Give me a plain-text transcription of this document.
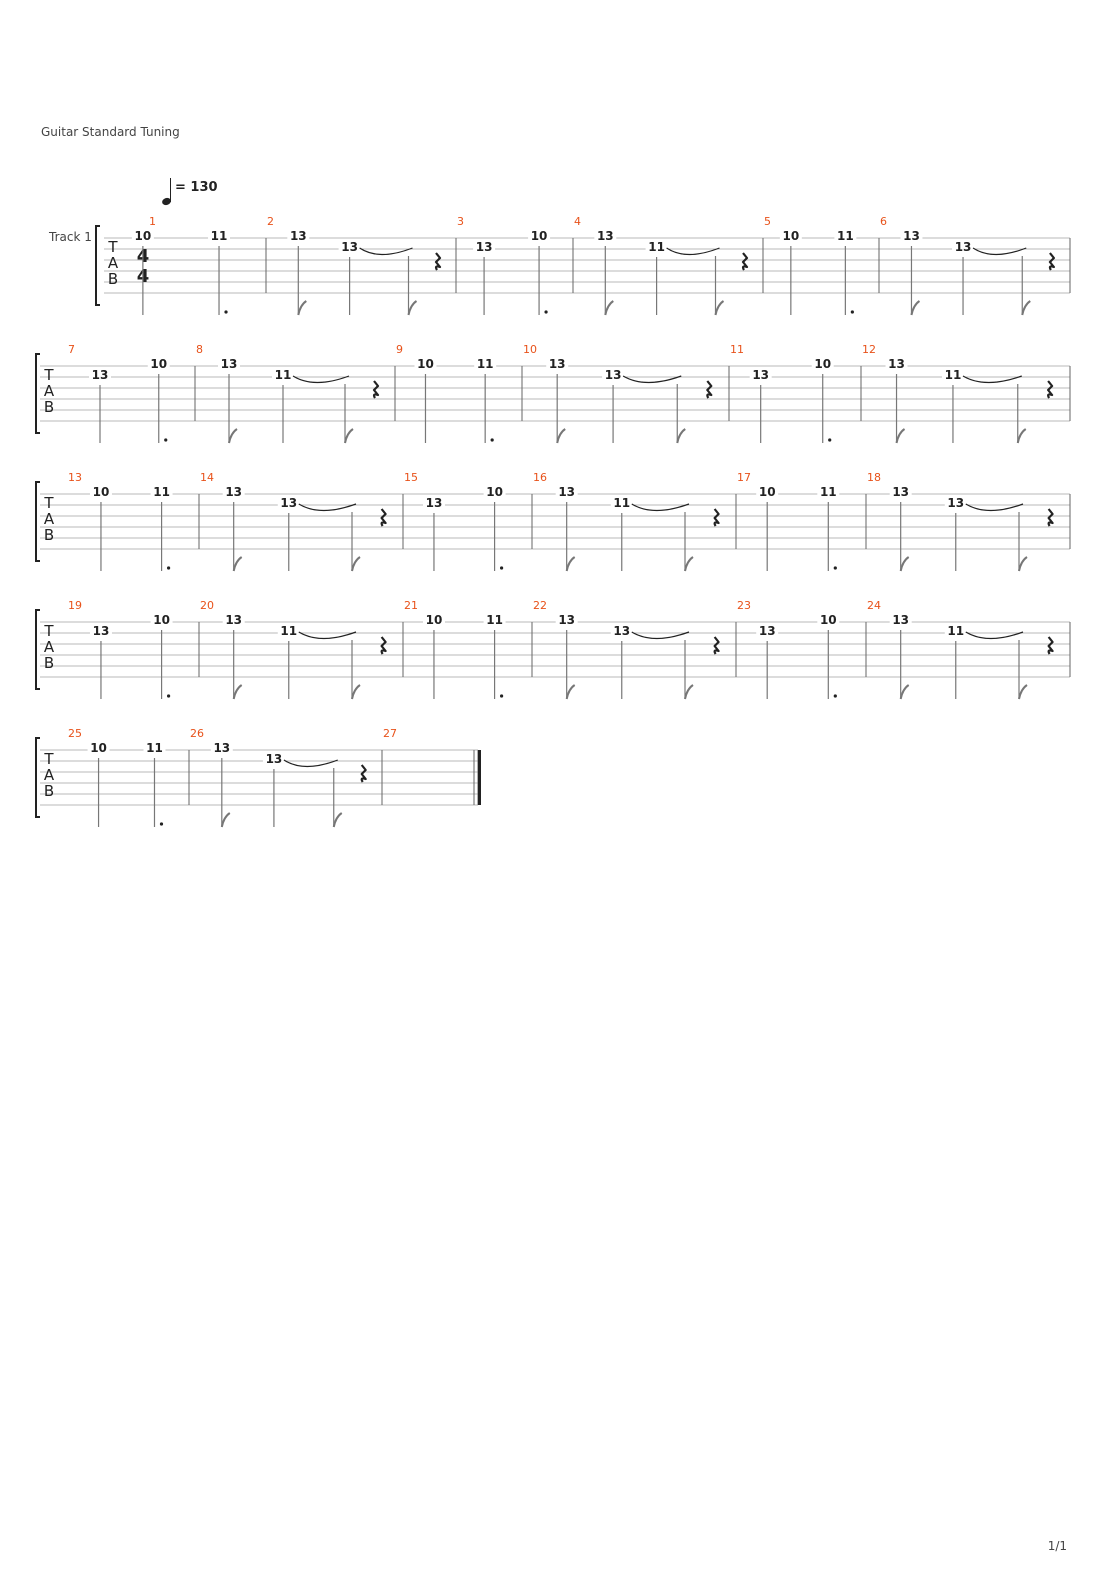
Guitar Standard Tuning
= 130
T
A
B
Track 1
4
4
1
10	11
2
13
13
3
13
10
4
13
11
5
10	11
6
13
13
T
A
B
7
13
10
8
13
11
9
10	11
10
13
13
11
13
10
12
13
11
T
A
B
13
10	11
14
13
13
15
13
10
16
13
11
17
10	11
18
13
13
T
A
B
19
13
10
20
13
11
21
10	11
22
13
13
23
13
10
24
13
11
T
A
B
25
10	11
26
13
13
27
1/1
